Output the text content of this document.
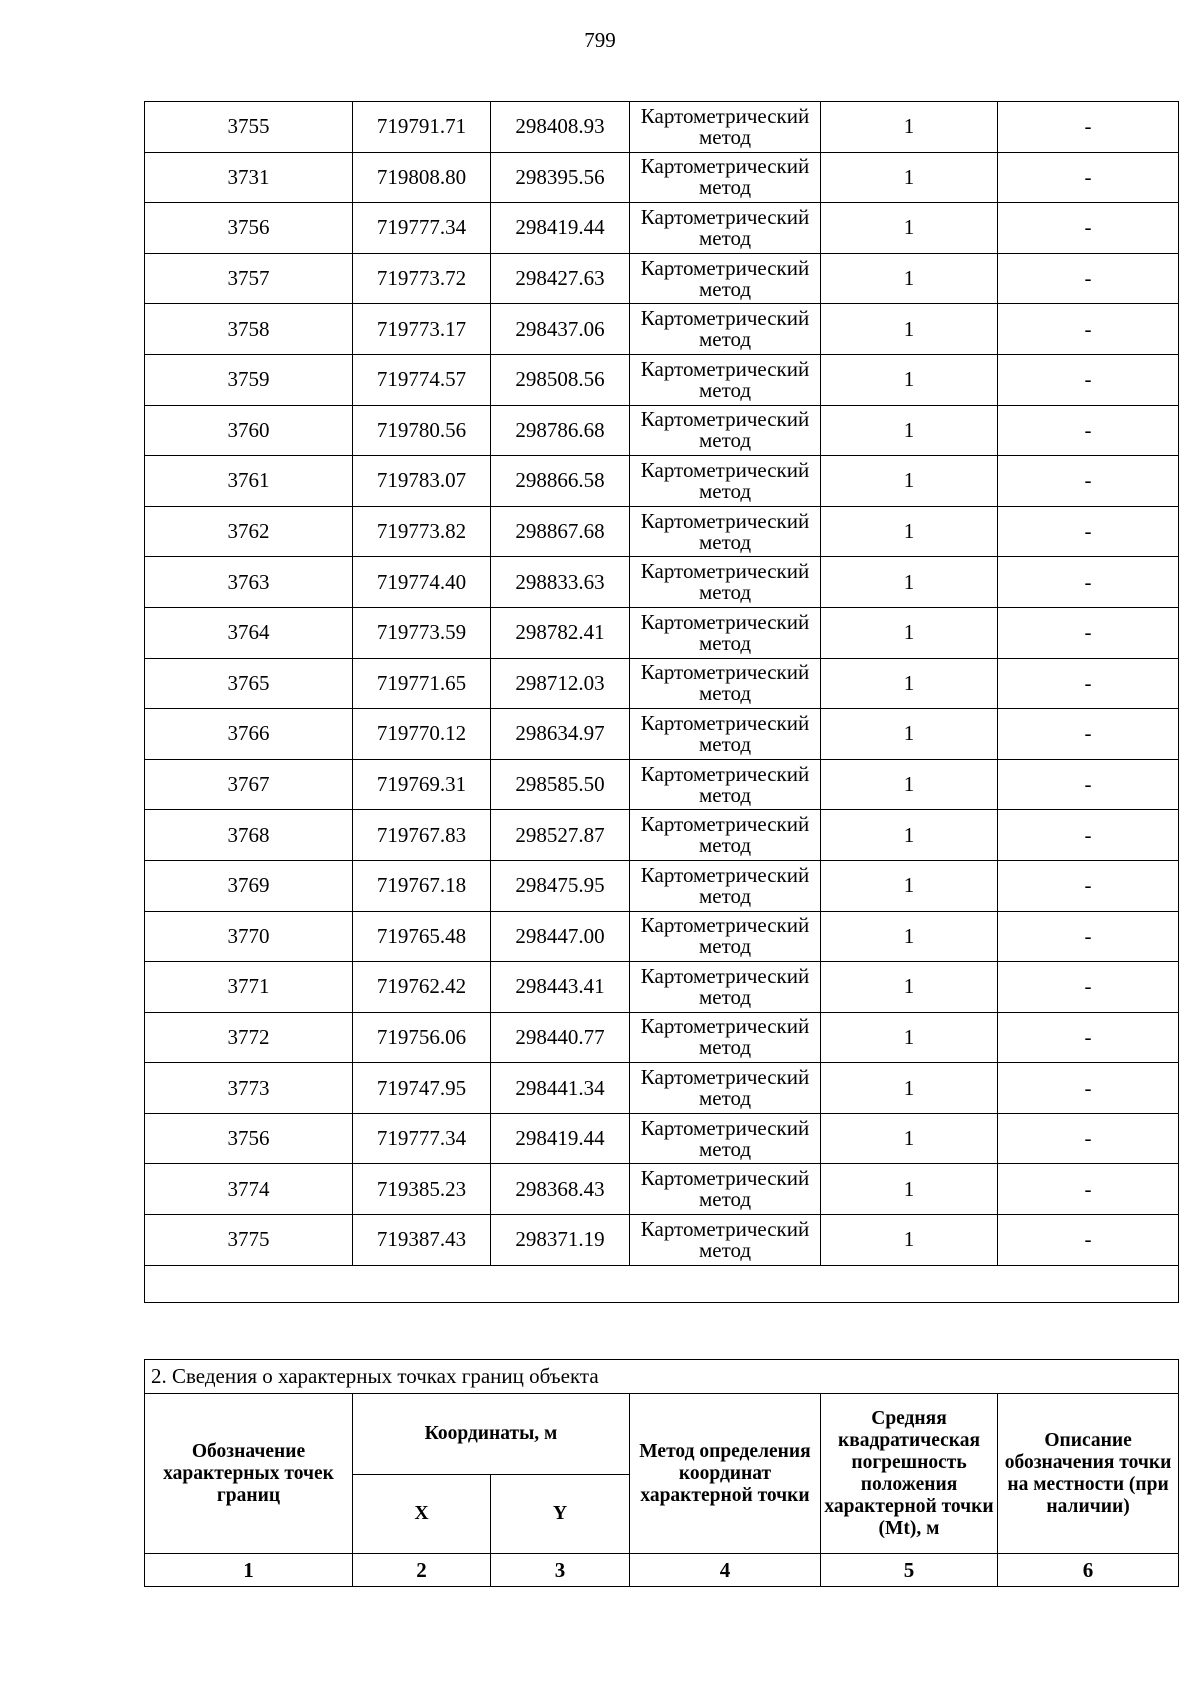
799
3755	719791.71	298408.93	Картометрический метод	1	-
3731	719808.80	298395.56	Картометрический метод	1	-
3756	719777.34	298419.44	Картометрический метод	1	-
3757	719773.72	298427.63	Картометрический метод	1	-
3758	719773.17	298437.06	Картометрический метод	1	-
3759	719774.57	298508.56	Картометрический метод	1	-
3760	719780.56	298786.68	Картометрический метод	1	-
3761	719783.07	298866.58	Картометрический метод	1	-
3762	719773.82	298867.68	Картометрический метод	1	-
3763	719774.40	298833.63	Картометрический метод	1	-
3764	719773.59	298782.41	Картометрический метод	1	-
3765	719771.65	298712.03	Картометрический метод	1	-
3766	719770.12	298634.97	Картометрический метод	1	-
3767	719769.31	298585.50	Картометрический метод	1	-
3768	719767.83	298527.87	Картометрический метод	1	-
3769	719767.18	298475.95	Картометрический метод	1	-
3770	719765.48	298447.00	Картометрический метод	1	-
3771	719762.42	298443.41	Картометрический метод	1	-
3772	719756.06	298440.77	Картометрический метод	1	-
3773	719747.95	298441.34	Картометрический метод	1	-
3756	719777.34	298419.44	Картометрический метод	1	-
3774	719385.23	298368.43	Картометрический метод	1	-
3775	719387.43	298371.19	Картометрический метод	1	-

2. Сведения о характерных точках границ объекта					
Обозначение характерных точек границ	Координаты, м		Метод определения координат характерной точки	Средняя квадратическая погрешность положения характерной точки (Mt), м	Описание обозначения точки на местности (при наличии)
	X	Y			
1	2	3	4	5	6
